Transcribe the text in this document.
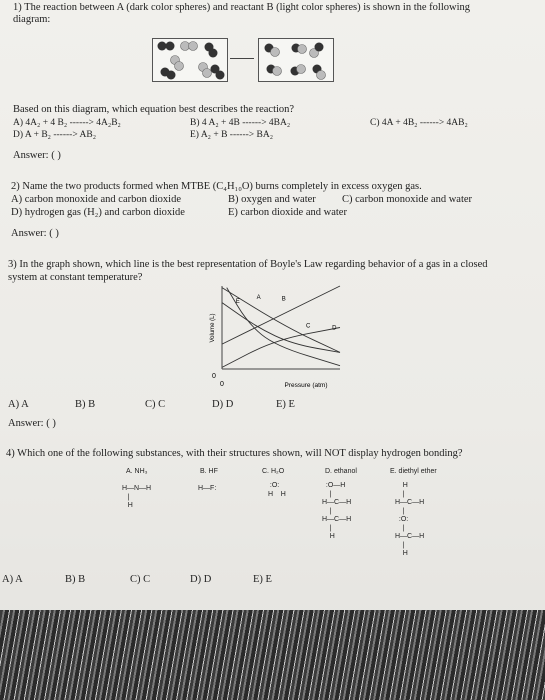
1) The reaction between A (dark color spheres) and reactant B (light color spheres) is shown in the following
diagram:
Based on this diagram, which equation best describes the reaction?
A) 4A₂ + 4 B₂ ------> 4A₂B₂	B) 4 A₂ + 4B ------> 4BA₂	C) 4A + 4B₂ ------> 4AB₂
D) A + B₂ ------> AB₂	E) A₂ + B ------> BA₂
Answer: ( )
2) Name the two products formed when MTBE (C₄H₁₀O) burns completely in excess oxygen gas.
A) carbon monoxide and carbon dioxide	B) oxygen and water C) carbon monoxide and water
D) hydrogen gas (H₂) and carbon dioxide	E) carbon dioxide and water
Answer: ( )
3) In the graph shown, which line is the best representation of Boyle's Law regarding behavior of a gas in a closed
system at constant temperature?
0
0	Pressure (atm)
Volume (L)
A	B
C	D
E
A) A	B) B	C) C	D) D	E) E
Answer: ( )
4) Which one of the following substances, with their structures shown, will NOT display hydrogen bonding?
A. NH₃	B. HF	C. H₂O	D. ethanol	E. diethyl ether
H—N—H
|
H
H—F:	:O:
H    H
:O—H
|
H—C—H
|
H—C—H
|
H
H
|
H—C—H
|
:O:
|
H—C—H
|
H
A) A	B) B	C) C	D) D	E) E
